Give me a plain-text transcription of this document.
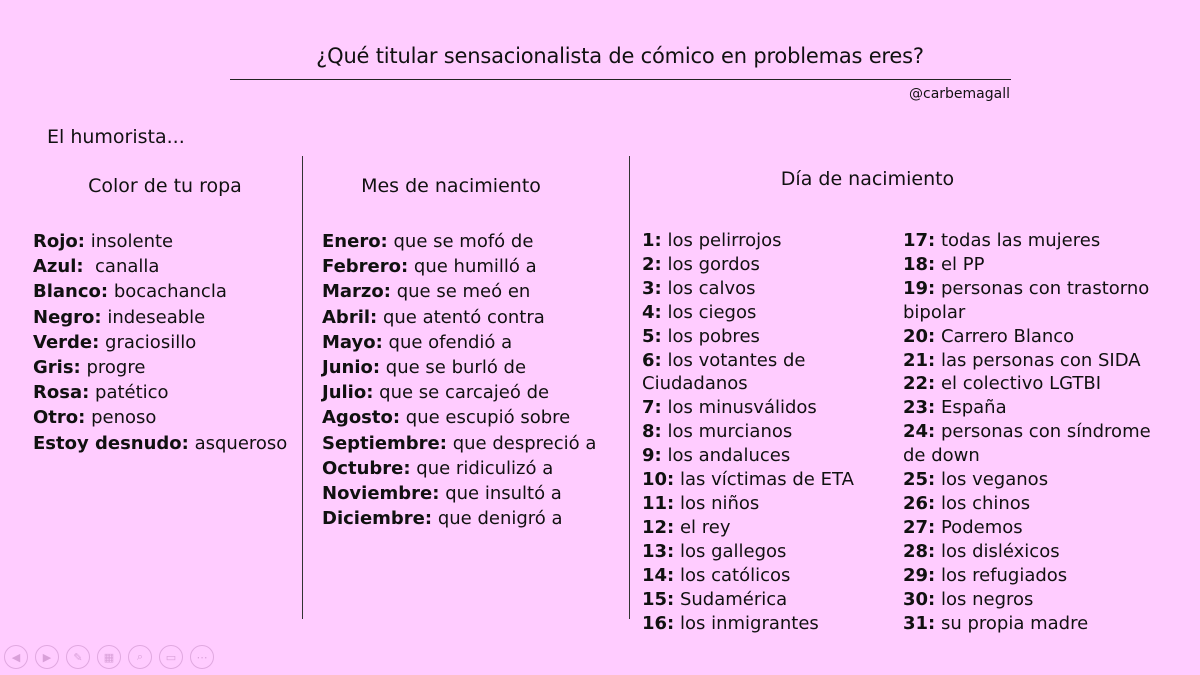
¿Qué titular sensacionalista de cómico en problemas eres?
@carbemagall
El humorista...
Color de tu ropa	Mes de nacimiento	Día de nacimiento
Rojo: insolente
Azul:  canalla
Blanco: bocachancla
Negro: indeseable
Verde: graciosillo
Gris: progre
Rosa: patético
Otro: penoso
Estoy desnudo: asqueroso
Enero: que se mofó de
Febrero: que humilló a
Marzo: que se meó en
Abril: que atentó contra
Mayo: que ofendió a
Junio: que se burló de
Julio: que se carcajeó de
Agosto: que escupió sobre
Septiembre: que despreció a
Octubre: que ridiculizó a
Noviembre: que insultó a
Diciembre: que denigró a
1: los pelirrojos
2: los gordos
3: los calvos
4: los ciegos
5: los pobres
6: los votantes de Ciudadanos
7: los minusválidos
8: los murcianos
9: los andaluces
10: las víctimas de ETA
11: los niños
12: el rey
13: los gallegos
14: los católicos
15: Sudamérica
16: los inmigrantes
17: todas las mujeres
18: el PP
19: personas con trastorno bipolar
20: Carrero Blanco
21: las personas con SIDA
22: el colectivo LGTBI
23: España
24: personas con síndrome de down
25: los veganos
26: los chinos
27: Podemos
28: los disléxicos
29: los refugiados
30: los negros
31: su propia madre
◀	▶	✎	▦	⌕	▭	⋯
